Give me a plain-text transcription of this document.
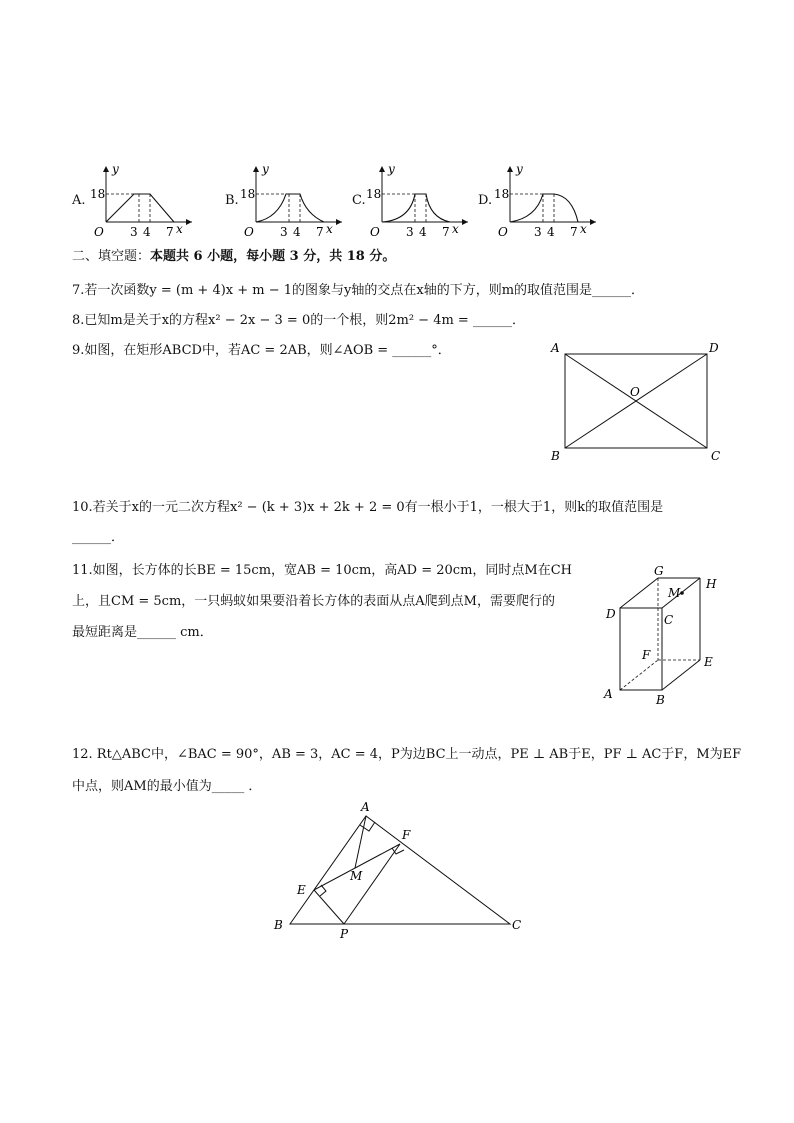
A.
y
18
O 3 4 7 x
B.
y
18
O 3 4 7 x
C.
y
18
O 3 4 7 x
D.
y
18
O 3 4 7 x
二、填空题：本题共 6 小题，每小题 3 分，共 18 分。
7.若一次函数y = (m + 4)x + m − 1的图象与y轴的交点在x轴的下方，则m的取值范围是______．
8.已知m是关于x的方程x² − 2x − 3 = 0的一个根，则2m² − 4m = ______．
9.如图，在矩形ABCD中，若AC = 2AB，则∠AOB = ______°．	A	D
O
B	C
10.若关于x的一元二次方程x² − (k + 3)x + 2k + 2 = 0有一根小于1，一根大于1，则k的取值范围是
______．
11.如图，长方体的长BE = 15cm，宽AB = 10cm，高AD = 20cm，同时点M在CH
上，且CM = 5cm，一只蚂蚁如果要沿着长方体的表面从点A爬到点M，需要爬行的
最短距离是______ cm．
G
M
H
D	C
F	E
A	B
12. Rt△ABC中，∠BAC = 90°，AB = 3，AC = 4，P为边BC上一动点，PE ⊥ AB于E，PF ⊥ AC于F，M为EF
中点，则AM的最小值为_____ ．
A
F
M
E
B
P
C
